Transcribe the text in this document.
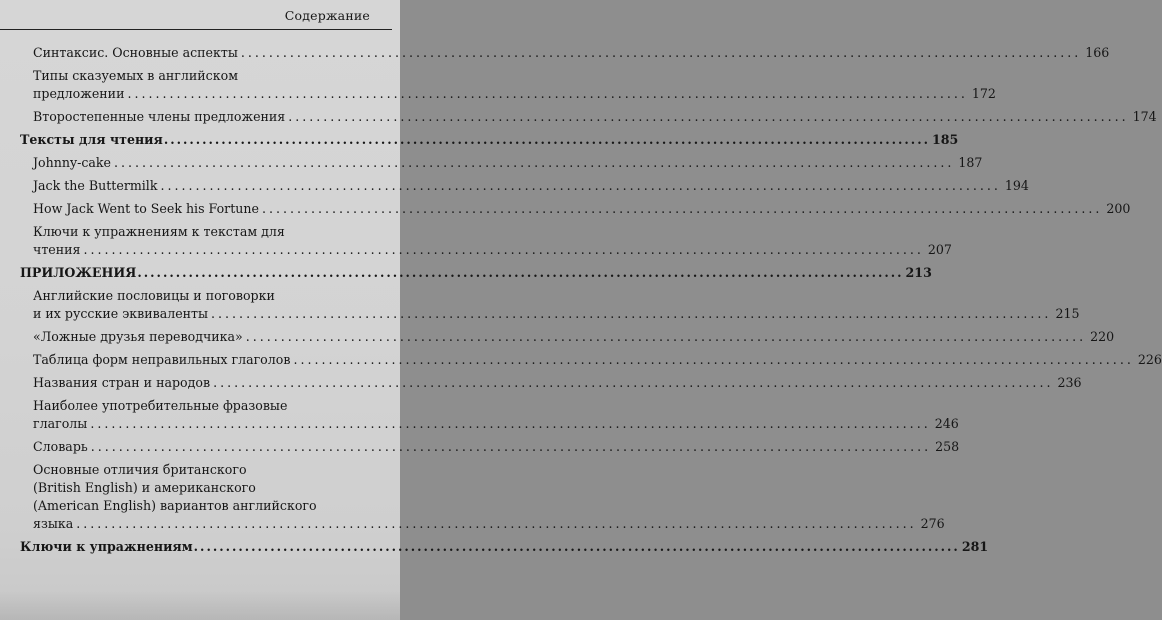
Содержание
Синтаксис. Основные аспекты ........................................................................................................................ 166
Типы сказуемых в английском
предложении ........................................................................................................................ 172
Второстепенные члены предложения ........................................................................................................................ 174
Тексты для чтения ........................................................................................................................ 185
Johnny-cake ........................................................................................................................ 187
Jack the Buttermilk ........................................................................................................................ 194
How Jack Went to Seek his Fortune ........................................................................................................................ 200
Ключи к упражнениям к текстам для
чтения ........................................................................................................................ 207
ПРИЛОЖЕНИЯ ........................................................................................................................ 213
Английские пословицы и поговорки
и их русские эквиваленты ........................................................................................................................ 215
«Ложные друзья переводчика» ........................................................................................................................ 220
Таблица форм неправильных глаголов ........................................................................................................................ 226
Названия стран и народов ........................................................................................................................ 236
Наиболее употребительные фразовые
глаголы ........................................................................................................................ 246
Словарь ........................................................................................................................ 258
Основные отличия британского
(British English) и американского
(American English) вариантов английского
языка ........................................................................................................................ 276
Ключи к упражнениям ........................................................................................................................ 281
